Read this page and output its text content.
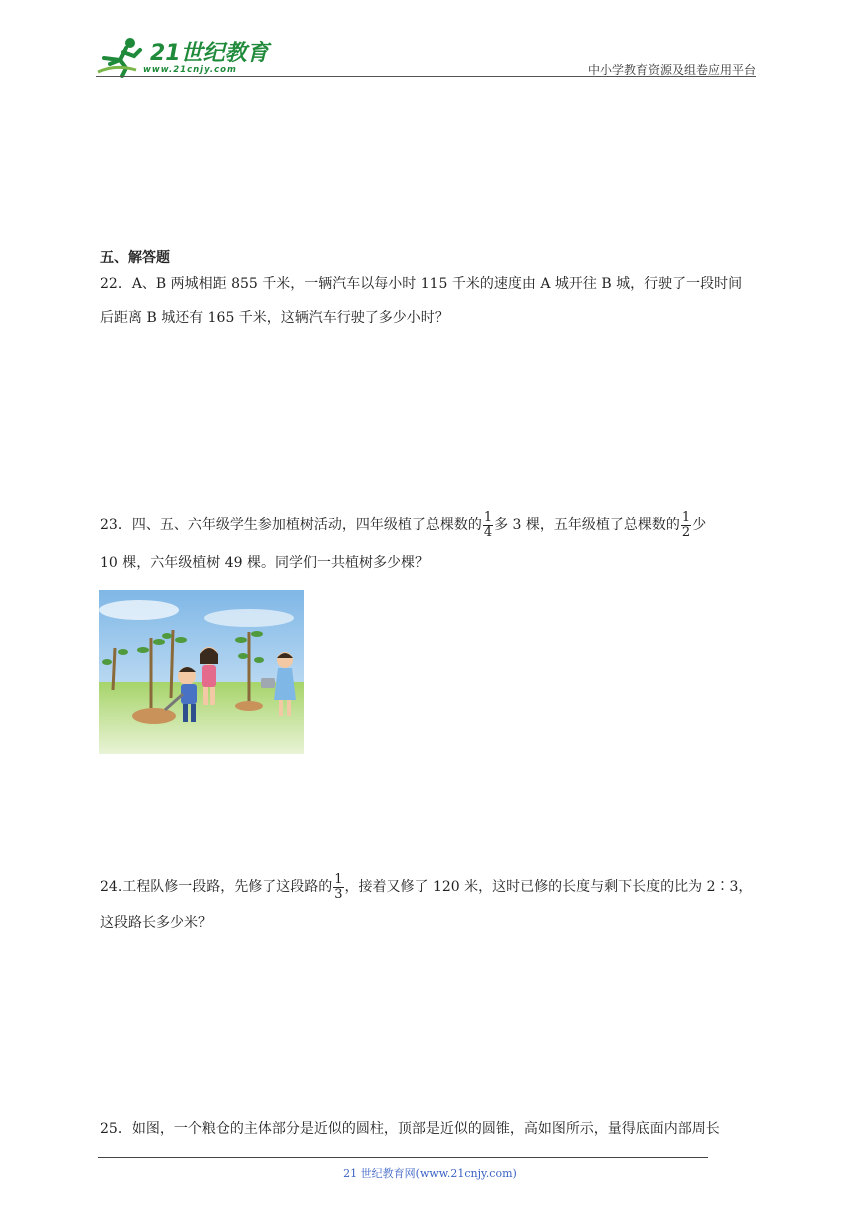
21世纪教育
www.21cnjy.com	中小学教育资源及组卷应用平台
五、解答题
22．A、B 两城相距 855 千米，一辆汽车以每小时 115 千米的速度由 A 城开往 B 城，行驶了一段时间
后距离 B 城还有 165 千米，这辆汽车行驶了多少小时？
23．四、五、六年级学生参加植树活动，四年级植了总棵数的 $\frac{1}{4}$ 多 3 棵，五年级植了总棵数的 $\frac{1}{2}$ 少
10 棵，六年级植树 49 棵。同学们一共植树多少棵？
24.工程队修一段路，先修了这段路的 $\frac{1}{3}$ ，接着又修了 120 米，这时已修的长度与剩下长度的比为 2∶3，
这段路长多少米？
25．如图，一个粮仓的主体部分是近似的圆柱，顶部是近似的圆锥，高如图所示，量得底面内部周长
21 世纪教育网(www.21cnjy.com)
